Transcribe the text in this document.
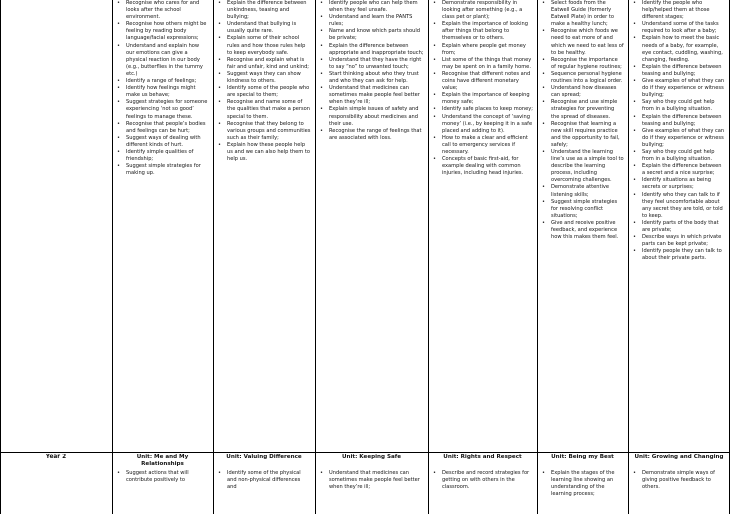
• Recognise who cares for and looks after the school environment.
• Recognise how others might be feeling by reading body language/facial expressions;
• Understand and explain how our emotions can give a physical reaction in our body (e.g., butterflies in the tummy etc.)
• Identify a range of feelings;
• Identify how feelings might make us behave;
• Suggest strategies for someone experiencing ‘not so good’ feelings to manage these.
• Recognise that people’s bodies and feelings can be hurt;
• Suggest ways of dealing with different kinds of hurt.
• Identify simple qualities of friendship;
• Suggest simple strategies for making up.
• Explain the difference between unkindness, teasing and bullying;
• Understand that bullying is usually quite rare.
• Explain some of their school rules and how those rules help to keep everybody safe.
• Recognise and explain what is fair and unfair, kind and unkind;
• Suggest ways they can show kindness to others.
• Identify some of the people who are special to them;
• Recognise and name some of the qualities that make a person special to them.
• Recognise that they belong to various groups and communities such as their family;
• Explain how these people help us and we can also help them to help us.
• Identify people who can help them when they feel unsafe.
• Understand and learn the PANTS rules;
• Name and know which parts should be private;
• Explain the difference between appropriate and inappropriate touch;
• Understand that they have the right to say “no” to unwanted touch;
• Start thinking about who they trust and who they can ask for help.
• Understand that medicines can sometimes make people feel better when they’re ill;
• Explain simple issues of safety and responsibility about medicines and their use.
• Recognise the range of feelings that are associated with loss.
• Demonstrate responsibility in looking after something (e.g., a class pet or plant);
• Explain the importance of looking after things that belong to themselves or to others.
• Explain where people get money from;
• List some of the things that money may be spent on in a family home.
• Recognise that different notes and coins have different monetary value;
• Explain the importance of keeping money safe;
• Identify safe places to keep money;
• Understand the concept of ‘saving money’ (i.e., by keeping it in a safe placed and adding to it).
• How to make a clear and efficient call to emergency services if necessary.
• Concepts of basic first-aid, for example dealing with common injuries, including head injuries.
• Select foods from the Eatwell Guide (formerly Eatwell Plate) in order to make a healthy lunch;
• Recognise which foods we need to eat more of and which we need to eat less of to be healthy.
• Recognise the importance of regular hygiene routines;
• Sequence personal hygiene routines into a logical order.
• Understand how diseases can spread;
• Recognise and use simple strategies for preventing the spread of diseases.
• Recognise that learning a new skill requires practice and the opportunity to fail, safely;
• Understand the learning line’s use as a simple tool to describe the learning process, including overcoming challenges.
• Demonstrate attentive listening skills;
• Suggest simple strategies for resolving conflict situations;
• Give and receive positive feedback, and experience how this makes them feel.
• Identify the people who help/helped them at those different stages;
• Understand some of the tasks required to look after a baby;
• Explain how to meet the basic needs of a baby, for example, eye contact, cuddling, washing, changing, feeding.
• Explain the difference between teasing and bullying;
• Give examples of what they can do if they experience or witness bullying;
• Say who they could get help from in a bullying situation.
• Explain the difference between teasing and bullying;
• Give examples of what they can do if they experience or witness bullying;
• Say who they could get help from in a bullying situation.
• Explain the difference between a secret and a nice surprise;
• Identify situations as being secrets or surprises;
• Identify who they can talk to if they feel uncomfortable about any secret they are told, or told to keep.
• Identify parts of the body that are private;
• Describe ways in which private parts can be kept private;
• Identify people they can talk to about their private parts.
Year 2	Unit: Me and My Relationships
• Suggest actions that will contribute positively to
Unit: Valuing Difference
• Identify some of the physical and non-physical differences and
Unit: Keeping Safe
• Understand that medicines can sometimes make people feel better when they’re ill;
Unit: Rights and Respect
• Describe and record strategies for getting on with others in the classroom.
Unit: Being my Best
• Explain the stages of the learning line showing an understanding of the learning process;
Unit: Growing and Changing
• Demonstrate simple ways of giving positive feedback to others.
